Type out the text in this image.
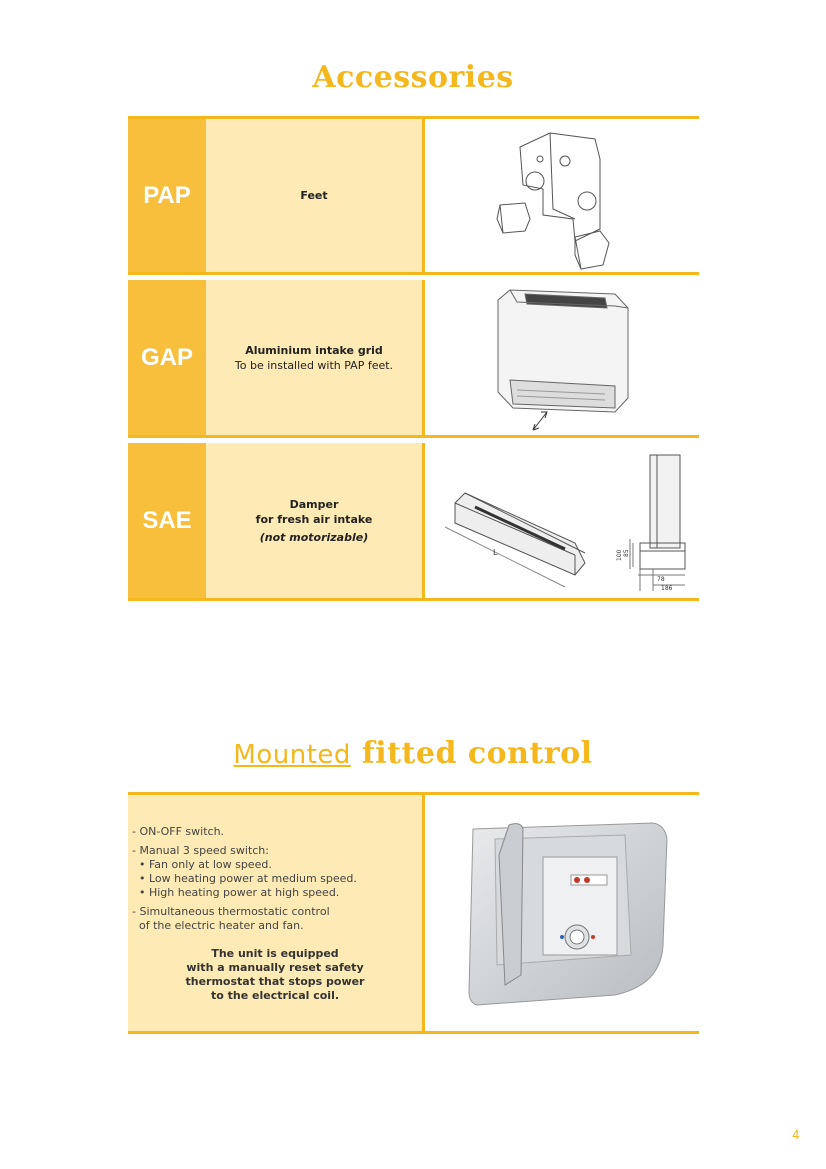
Accessories
PAP	Feet
GAP	Aluminium intake grid
To be installed with PAP feet.
SAE
Damper
for fresh air intake
(not motorizable)
L
78
186
100 85
Mounted fitted control
- ON-OFF switch.
- Manual 3 speed switch:
• Fan only at low speed.
• Low heating power at medium speed.
• High heating power at high speed.
- Simultaneous thermostatic control
of the electric heater and fan.
The unit is equipped
with a manually reset safety
thermostat that stops power
to the electrical coil.
4
